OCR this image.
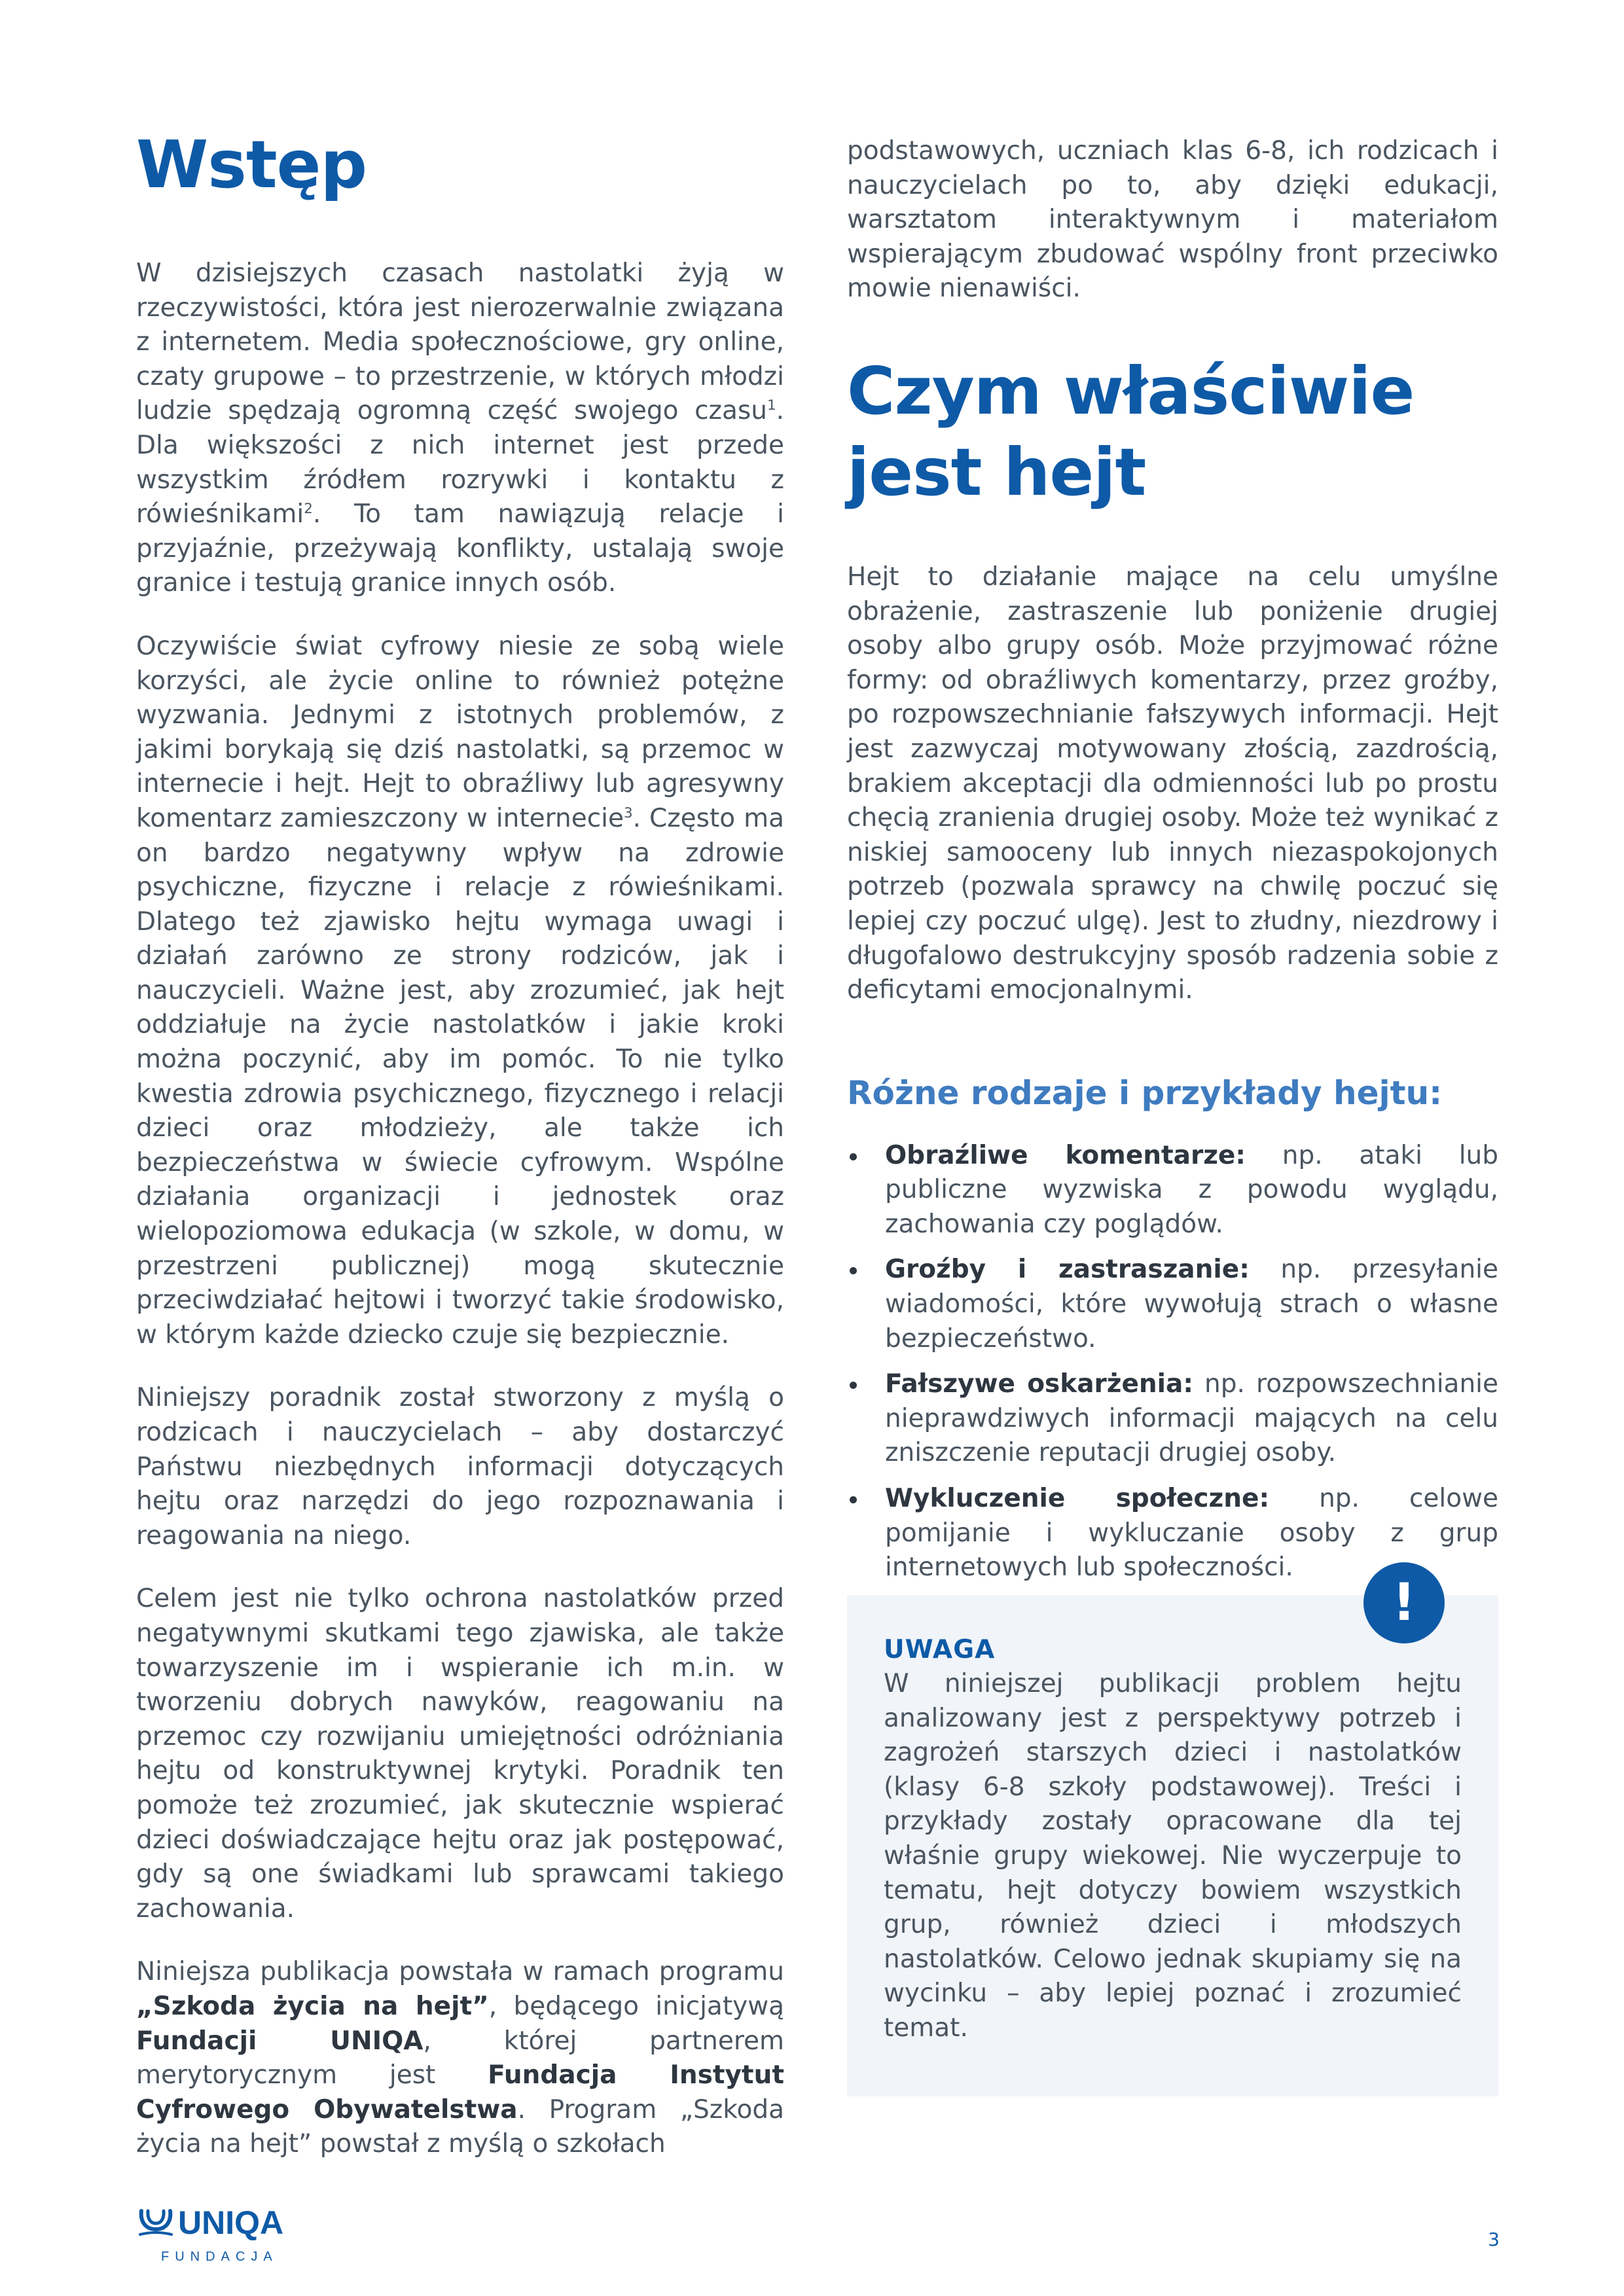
Wstęp

W dzisiejszych czasach nastolatki żyją w rzeczywistości, która jest nierozerwalnie związana z internetem. Media społecznościowe, gry online, czaty grupowe – to przestrzenie, w których młodzi ludzie spędzają ogromną część swojego czasu$^1$. Dla większości z nich internet jest przede wszystkim źródłem rozrywki i kontaktu z rówieśnikami$^2$. To tam nawiązują relacje i przyjaźnie, przeżywają konflikty, ustalają swoje granice i testują granice innych osób.

Oczywiście świat cyfrowy niesie ze sobą wiele korzyści, ale życie online to również potężne wyzwania. Jednymi z istotnych problemów, z jakimi borykają się dziś nastolatki, są przemoc w internecie i hejt. Hejt to obraźliwy lub agresywny komentarz zamieszczony w internecie$^3$. Często ma on bardzo negatywny wpływ na zdrowie psychiczne, fizyczne i relacje z rówieśnikami. Dlatego też zjawisko hejtu wymaga uwagi i działań zarówno ze strony rodziców, jak i nauczycieli. Ważne jest, aby zrozumieć, jak hejt oddziałuje na życie nastolatków i jakie kroki można poczynić, aby im pomóc. To nie tylko kwestia zdrowia psychicznego, fizycznego i relacji dzieci oraz młodzieży, ale także ich bezpieczeństwa w świecie cyfrowym. Wspólne działania organizacji i jednostek oraz wielopoziomowa edukacja (w szkole, w domu, w przestrzeni publicznej) mogą skutecznie przeciwdziałać hejtowi i tworzyć takie środowisko, w którym każde dziecko czuje się bezpiecznie.

Niniejszy poradnik został stworzony z myślą o rodzicach i nauczycielach – aby dostarczyć Państwu niezbędnych informacji dotyczących hejtu oraz narzędzi do jego rozpoznawania i reagowania na niego.

Celem jest nie tylko ochrona nastolatków przed negatywnymi skutkami tego zjawiska, ale także towarzyszenie im i wspieranie ich m.in. w tworzeniu dobrych nawyków, reagowaniu na przemoc czy rozwijaniu umiejętności odróżniania hejtu od konstruktywnej krytyki. Poradnik ten pomoże też zrozumieć, jak skutecznie wspierać dzieci doświadczające hejtu oraz jak postępować, gdy są one świadkami lub sprawcami takiego zachowania.

Niniejsza publikacja powstała w ramach programu „Szkoda życia na hejt”, będącego inicjatywą Fundacji UNIQA, której partnerem merytorycznym jest Fundacja Instytut Cyfrowego Obywatelstwa. Program „Szkoda życia na hejt” powstał z myślą o szkołach

podstawowych, uczniach klas 6-8, ich rodzicach i nauczycielach po to, aby dzięki edukacji, warsztatom interaktywnym i materiałom wspierającym zbudować wspólny front przeciwko mowie nienawiści.

Czym właściwie
jest hejt

Hejt to działanie mające na celu umyślne obrażenie, zastraszenie lub poniżenie drugiej osoby albo grupy osób. Może przyjmować różne formy: od obraźliwych komentarzy, przez groźby, po rozpowszechnianie fałszywych informacji. Hejt jest zazwyczaj motywowany złością, zazdrością, brakiem akceptacji dla odmienności lub po prostu chęcią zranienia drugiej osoby. Może też wynikać z niskiej samooceny lub innych niezaspokojonych potrzeb (pozwala sprawcy na chwilę poczuć się lepiej czy poczuć ulgę). Jest to złudny, niezdrowy i długofalowo destrukcyjny sposób radzenia sobie z deficytami emocjonalnymi.

Różne rodzaje i przykłady hejtu:
Obraźliwe komentarze: np. ataki lub publiczne wyzwiska z powodu wyglądu, zachowania czy poglądów.
Groźby i zastraszanie: np. przesyłanie wiadomości, które wywołują strach o własne bezpieczeństwo.
Fałszywe oskarżenia: np. rozpowszechnianie nieprawdziwych informacji mających na celu zniszczenie reputacji drugiej osoby.
Wykluczenie społeczne: np. celowe pomijanie i wykluczanie osoby z grup internetowych lub społeczności.
UWAGA

W niniejszej publikacji problem hejtu analizowany jest z perspektywy potrzeb i zagrożeń starszych dzieci i nastolatków (klasy 6-8 szkoły podstawowej). Treści i przykłady zostały opracowane dla tej właśnie grupy wiekowej. Nie wyczerpuje to tematu, hejt dotyczy bowiem wszystkich grup, również dzieci i młodszych nastolatków. Celowo jednak skupiamy się na wycinku – aby lepiej poznać i zrozumieć temat.

!
UNIQA
FUNDACJA
3
